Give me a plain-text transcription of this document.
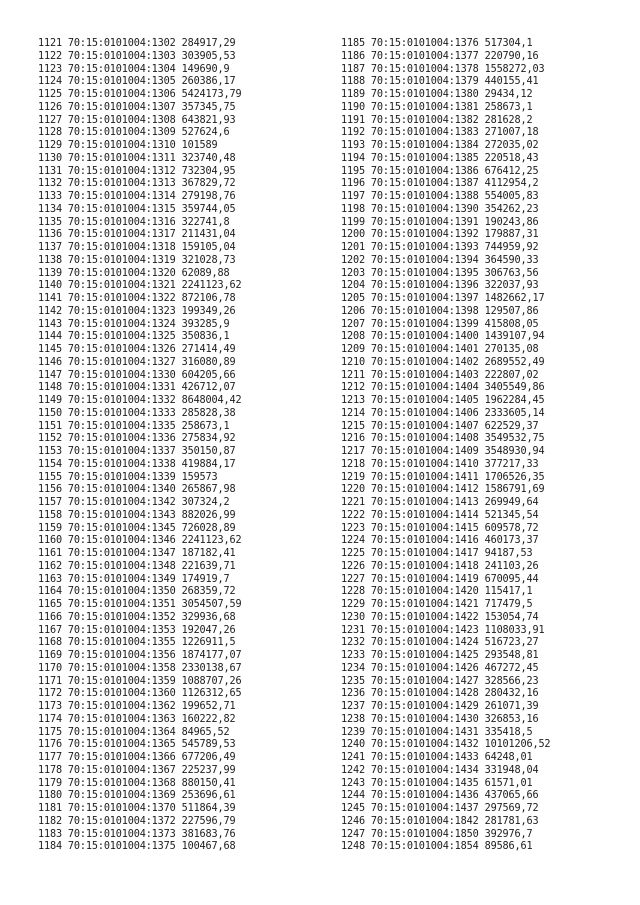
1121 70:15:0101004:1302 284917,29
1122 70:15:0101004:1303 303905,53
1123 70:15:0101004:1304 149690,9
1124 70:15:0101004:1305 260386,17
1125 70:15:0101004:1306 5424173,79
1126 70:15:0101004:1307 357345,75
1127 70:15:0101004:1308 643821,93
1128 70:15:0101004:1309 527624,6
1129 70:15:0101004:1310 101589
1130 70:15:0101004:1311 323740,48
1131 70:15:0101004:1312 732304,95
1132 70:15:0101004:1313 367829,72
1133 70:15:0101004:1314 279198,76
1134 70:15:0101004:1315 359744,05
1135 70:15:0101004:1316 322741,8
1136 70:15:0101004:1317 211431,04
1137 70:15:0101004:1318 159105,04
1138 70:15:0101004:1319 321028,73
1139 70:15:0101004:1320 62089,88
1140 70:15:0101004:1321 2241123,62
1141 70:15:0101004:1322 872106,78
1142 70:15:0101004:1323 199349,26
1143 70:15:0101004:1324 393285,9
1144 70:15:0101004:1325 350836,1
1145 70:15:0101004:1326 271414,49
1146 70:15:0101004:1327 316080,89
1147 70:15:0101004:1330 604205,66
1148 70:15:0101004:1331 426712,07
1149 70:15:0101004:1332 8648004,42
1150 70:15:0101004:1333 285828,38
1151 70:15:0101004:1335 258673,1
1152 70:15:0101004:1336 275834,92
1153 70:15:0101004:1337 350150,87
1154 70:15:0101004:1338 419884,17
1155 70:15:0101004:1339 159573
1156 70:15:0101004:1340 265867,98
1157 70:15:0101004:1342 307324,2
1158 70:15:0101004:1343 882026,99
1159 70:15:0101004:1345 726028,89
1160 70:15:0101004:1346 2241123,62
1161 70:15:0101004:1347 187182,41
1162 70:15:0101004:1348 221639,71
1163 70:15:0101004:1349 174919,7
1164 70:15:0101004:1350 268359,72
1165 70:15:0101004:1351 3054507,59
1166 70:15:0101004:1352 329936,68
1167 70:15:0101004:1353 192047,26
1168 70:15:0101004:1355 1226911,5
1169 70:15:0101004:1356 1874177,07
1170 70:15:0101004:1358 2330138,67
1171 70:15:0101004:1359 1088707,26
1172 70:15:0101004:1360 1126312,65
1173 70:15:0101004:1362 199652,71
1174 70:15:0101004:1363 160222,82
1175 70:15:0101004:1364 84965,52
1176 70:15:0101004:1365 545789,53
1177 70:15:0101004:1366 677206,49
1178 70:15:0101004:1367 225237,99
1179 70:15:0101004:1368 880150,41
1180 70:15:0101004:1369 253696,61
1181 70:15:0101004:1370 511864,39
1182 70:15:0101004:1372 227596,79
1183 70:15:0101004:1373 381683,76
1184 70:15:0101004:1375 100467,68
1185 70:15:0101004:1376 517304,1
1186 70:15:0101004:1377 220790,16
1187 70:15:0101004:1378 1558272,03
1188 70:15:0101004:1379 440155,41
1189 70:15:0101004:1380 29434,12
1190 70:15:0101004:1381 258673,1
1191 70:15:0101004:1382 281628,2
1192 70:15:0101004:1383 271007,18
1193 70:15:0101004:1384 272035,02
1194 70:15:0101004:1385 220518,43
1195 70:15:0101004:1386 676412,25
1196 70:15:0101004:1387 4112954,2
1197 70:15:0101004:1388 554005,83
1198 70:15:0101004:1390 354262,23
1199 70:15:0101004:1391 190243,86
1200 70:15:0101004:1392 179887,31
1201 70:15:0101004:1393 744959,92
1202 70:15:0101004:1394 364590,33
1203 70:15:0101004:1395 306763,56
1204 70:15:0101004:1396 322037,93
1205 70:15:0101004:1397 1482662,17
1206 70:15:0101004:1398 129507,86
1207 70:15:0101004:1399 415808,05
1208 70:15:0101004:1400 1439107,94
1209 70:15:0101004:1401 270135,08
1210 70:15:0101004:1402 2689552,49
1211 70:15:0101004:1403 222807,02
1212 70:15:0101004:1404 3405549,86
1213 70:15:0101004:1405 1962284,45
1214 70:15:0101004:1406 2333605,14
1215 70:15:0101004:1407 622529,37
1216 70:15:0101004:1408 3549532,75
1217 70:15:0101004:1409 3548930,94
1218 70:15:0101004:1410 377217,33
1219 70:15:0101004:1411 1706526,35
1220 70:15:0101004:1412 1586791,69
1221 70:15:0101004:1413 269949,64
1222 70:15:0101004:1414 521345,54
1223 70:15:0101004:1415 609578,72
1224 70:15:0101004:1416 460173,37
1225 70:15:0101004:1417 94187,53
1226 70:15:0101004:1418 241103,26
1227 70:15:0101004:1419 670095,44
1228 70:15:0101004:1420 115417,1
1229 70:15:0101004:1421 717479,5
1230 70:15:0101004:1422 153054,74
1231 70:15:0101004:1423 1108033,91
1232 70:15:0101004:1424 516723,27
1233 70:15:0101004:1425 293548,81
1234 70:15:0101004:1426 467272,45
1235 70:15:0101004:1427 328566,23
1236 70:15:0101004:1428 280432,16
1237 70:15:0101004:1429 261071,39
1238 70:15:0101004:1430 326853,16
1239 70:15:0101004:1431 335418,5
1240 70:15:0101004:1432 10101206,52
1241 70:15:0101004:1433 64248,01
1242 70:15:0101004:1434 331948,04
1243 70:15:0101004:1435 61571,01
1244 70:15:0101004:1436 437065,66
1245 70:15:0101004:1437 297569,72
1246 70:15:0101004:1842 281781,63
1247 70:15:0101004:1850 392976,7
1248 70:15:0101004:1854 89586,61
